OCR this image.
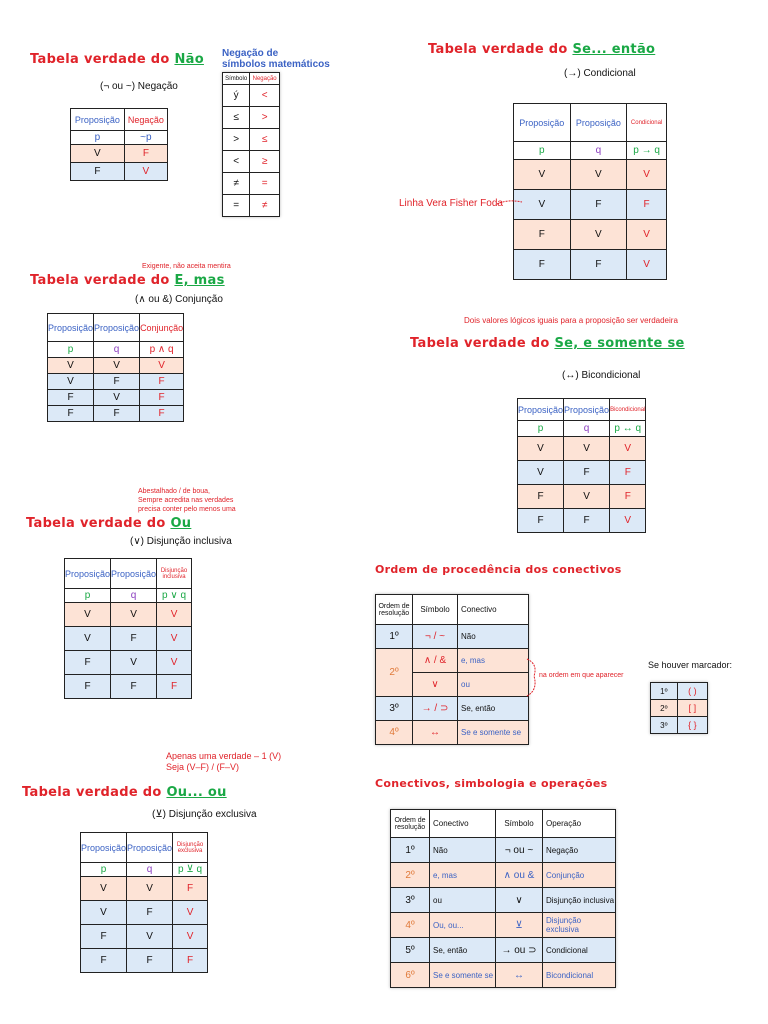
Tabela verdade do Não
(¬ ou ~) Negação
Proposição	Negação
p	~p
V	F
F	V
Negação de
símbolos matemáticos
Símbolo	Negação
ý	<
≤	>
>	≤
<	≥
≠	=
=	≠
Tabela verdade do Se... então
(→) Condicional
Proposição	Proposição	Condicional
p	q	p → q
V	V	V
V	F	F
F	V	V
F	F	V
Linha Vera Fisher Foda
Exigente, não aceita mentira
Tabela verdade do E, mas
(∧ ou &) Conjunção
Proposição	Proposição	Conjunção
p	q	p ∧ q
V	V	V
V	F	F
F	V	F
F	F	F
Dois valores lógicos iguais para a proposição ser verdadeira
Tabela verdade do Se, e somente se
(↔) Bicondicional
Proposição	Proposição	Bicondicional
p	q	p ↔ q
V	V	V
V	F	F
F	V	F
F	F	V
Abestalhado / de boua,
Sempre acredita nas verdades
precisa conter pelo menos uma
Tabela verdade do Ou
(∨) Disjunção inclusiva
Proposição	Proposição	Disjunção inclusiva
p	q	p ∨ q
V	V	V
V	F	V
F	V	V
F	F	F
Ordem de procedência dos conectivos
Ordem de resolução	Símbolo	Conectivo
1º	¬ / ~	Não
2º	∧ / &	e, mas
	∨	ou
3º	→ / ⊃	Se, então
4º	↔	Se e somente se
na ordem em que aparecer
Se houver marcador:
1º	( )
2º	[ ]
3º	{ }
Apenas uma verdade – 1 (V)
Seja (V–F) / (F–V)
Tabela verdade do Ou... ou
(⊻) Disjunção exclusiva
Proposição	Proposição	Disjunção exclusiva
p	q	p ⊻ q
V	V	F
V	F	V
F	V	V
F	F	F
Conectivos, simbologia e operações
Ordem de resolução	Conectivo	Símbolo	Operação
1º	Não	¬ ou ~	Negação
2º	e, mas	∧ ou &	Conjunção
3º	ou	∨	Disjunção inclusiva
4º	Ou, ou...	⊻	Disjunção exclusiva
5º	Se, então	→ ou ⊃	Condicional
6º	Se e somente se	↔	Bicondicional
